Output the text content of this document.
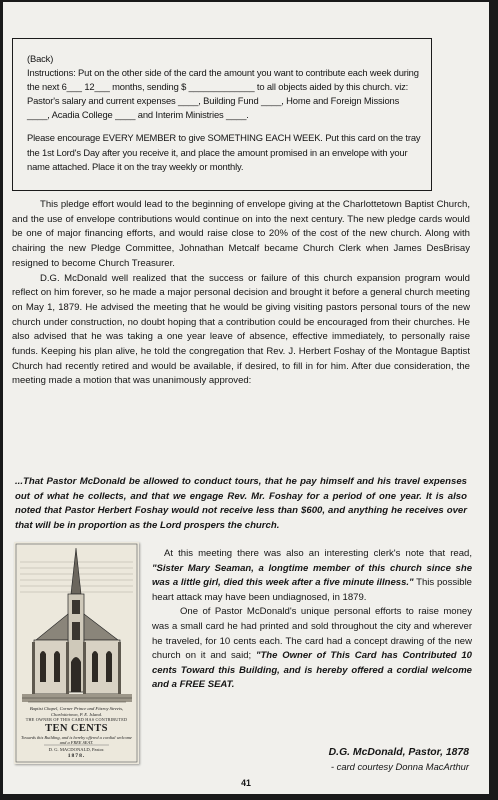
(Back)

Instructions: Put on the other side of the card the amount you want to contribute each week during the next 6___ 12___ months, sending $ _____________ to all objects aided by this church. viz: Pastor's salary and current expenses ____, Building Fund ____, Home and Foreign Missions ____, Acadia College ____ and Interim Ministries ____.

Please encourage EVERY MEMBER to give SOMETHING EACH WEEK. Put this card on the tray the 1st Lord's Day after you receive it, and place the amount promised in an envelope with your name attached. Place it on the tray weekly or monthly.

This pledge effort would lead to the beginning of envelope giving at the Charlottetown Baptist Church, and the use of envelope contributions would continue on into the next century. The new pledge cards would be one of major financing efforts, and would raise close to 20% of the cost of the new church. Along with chairing the new Pledge Committee, Johnathan Metcalf became Church Clerk when James DesBrisay resigned to become Church Treasurer.

D.G. McDonald well realized that the success or failure of this church expansion program would reflect on him forever, so he made a major personal decision and brought it before a general church meeting on May 1, 1879. He advised the meeting that he would be giving visiting pastors personal tours of the new church under construction, no doubt hoping that a contribution could be encouraged from their churches. He also advised that he was taking a one year leave of absence, effective immediately, to personally raise funds. Keeping his plan alive, he told the congregation that Rev. J. Herbert Foshay of the Montague Baptist Church had recently retired and would be available, if desired, to fill in for him. After due consideration, the meeting made a motion that was unanimously approved:

...That Pastor McDonald be allowed to conduct tours, that he pay himself and his travel expenses out of what he collects, and that we engage Rev. Mr. Foshay for a period of one year. It is also noted that Pastor Herbert Foshay would not receive less than $600, and anything he receives over that will be in proportion as the Lord prospers the church.
Baptist Chapel, Corner Prince and Fitzroy Streets, Charlottetown, P. E. Island.
THE OWNER OF THIS CARD HAS CONTRIBUTED
TEN CENTS
Towards this Building, and is hereby offered a cordial welcome and a FREE SEAT.
D. G. MACDONALD, Pastor.
1878.

At this meeting there was also an interesting clerk's note that read, "Sister Mary Seaman, a longtime member of this church since she was a little girl, died this week after a five minute illness." This possible heart attack may have been undiagnosed, in 1879.

One of Pastor McDonald's unique personal efforts to raise money was a small card he had printed and sold throughout the city and wherever he traveled, for 10 cents each. The card had a concept drawing of the new church on it and said; "The Owner of This Card has Contributed 10 cents Toward this Building, and is hereby offered a cordial welcome and a FREE SEAT.

D.G. McDonald, Pastor, 1878
- card courtesy Donna MacArthur
41
